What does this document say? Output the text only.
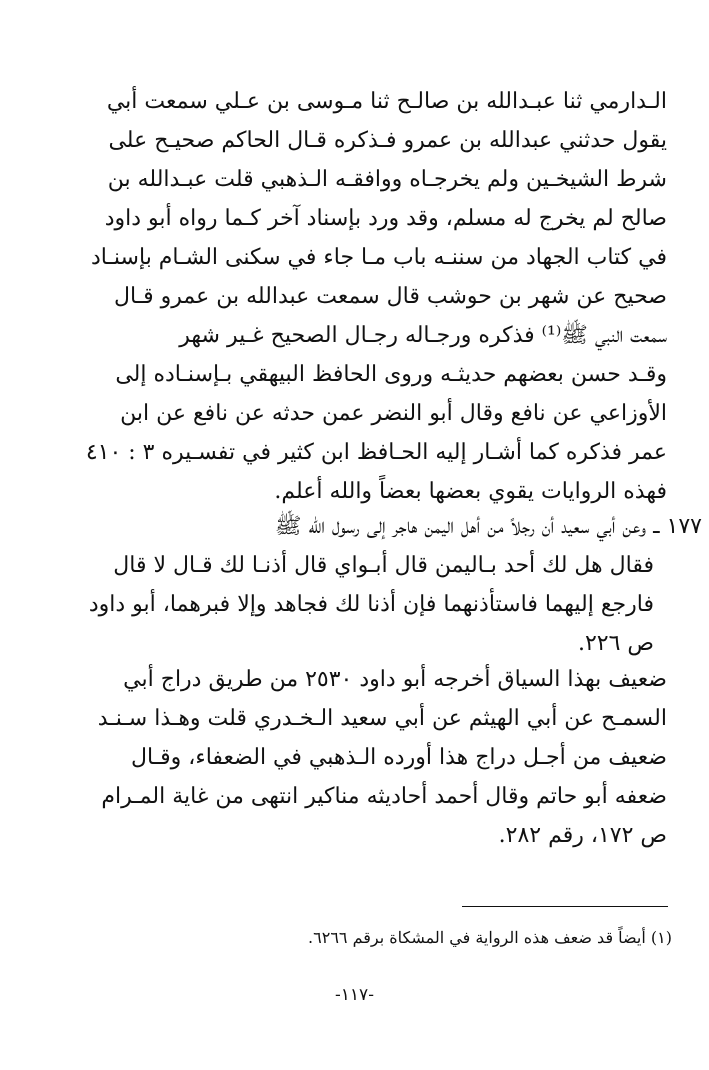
الـدارمي ثنا عبـدالله بن صالـح ثنا مـوسى بن عـلي سمعت أبي
يقول حدثني عبدالله بن عمرو فـذكره قـال الحاكم صحيـح على
شرط الشيخـين ولم يخرجـاه ووافقـه الـذهبي قلت عبـدالله بن
صالح لم يخرج له مسلم، وقد ورد بإسناد آخر كـما رواه أبو داود
في كتاب الجهاد من سننـه باب مـا جاء في سكنى الشـام بإسنـاد
صحيح عن شهر بن حوشب قال سمعت عبدالله بن عمرو قـال
سمعت النبي ﷺ⁽¹⁾ فذكره ورجـاله رجـال الصحيح غـير شهر
وقـد حسن بعضهم حديثـه وروى الحافظ البيهقي بـإسنـاده إلى
الأوزاعي عن نافع وقال أبو النضر عمن حدثه عن نافع عن ابن
عمر فذكره كما أشـار إليه الحـافظ ابن كثير في تفسـيره ٣ : ٤١٠
فهذه الروايات يقوي بعضها بعضاً والله أعلم.
١٧٧ ـ وعن أبي سعيد أن رجلاً من أهل اليمن هاجر إلى رسول الله ﷺ
فقال هل لك أحد بـاليمن قال أبـواي قال أذنـا لك قـال لا قال
فارجع إليهما فاستأذنهما فإن أذنا لك فجاهد وإلا فبرهما، أبو داود
ص ٢٢٦.
ضعيف بهذا السياق أخرجه أبو داود ٢٥٣٠ من طريق دراج أبي
السمـح عن أبي الهيثم عن أبي سعيد الـخـدري قلت وهـذا سـنـد
ضعيف من أجـل دراج هذا أورده الـذهبي في الضعفاء، وقـال
ضعفه أبو حاتم وقال أحمد أحاديثه مناكير انتهى من غاية المـرام
ص ١٧٢، رقم ٢٨٢.
(١) أيضاً قد ضعف هذه الرواية في المشكاة برقم ٦٢٦٦.
-١١٧-
